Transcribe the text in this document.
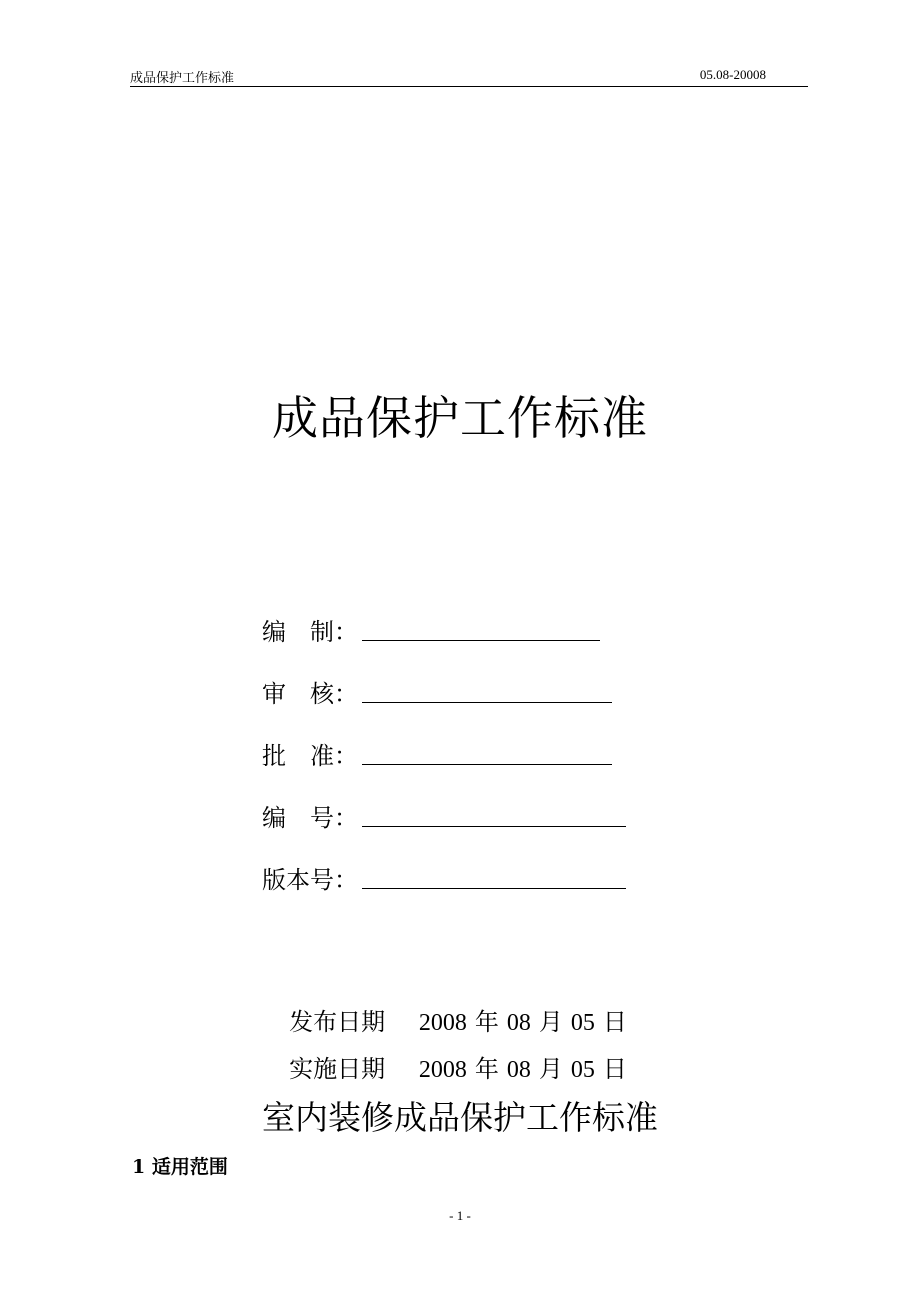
成品保护工作标准	05.08-20008
成品保护工作标准
编　制：
审　核：
批　准：
编　号：
版本号：
发布日期 2008 年 08 月 05 日
实施日期 2008 年 08 月 05 日
室内装修成品保护工作标准
1 适用范围
- 1 -
